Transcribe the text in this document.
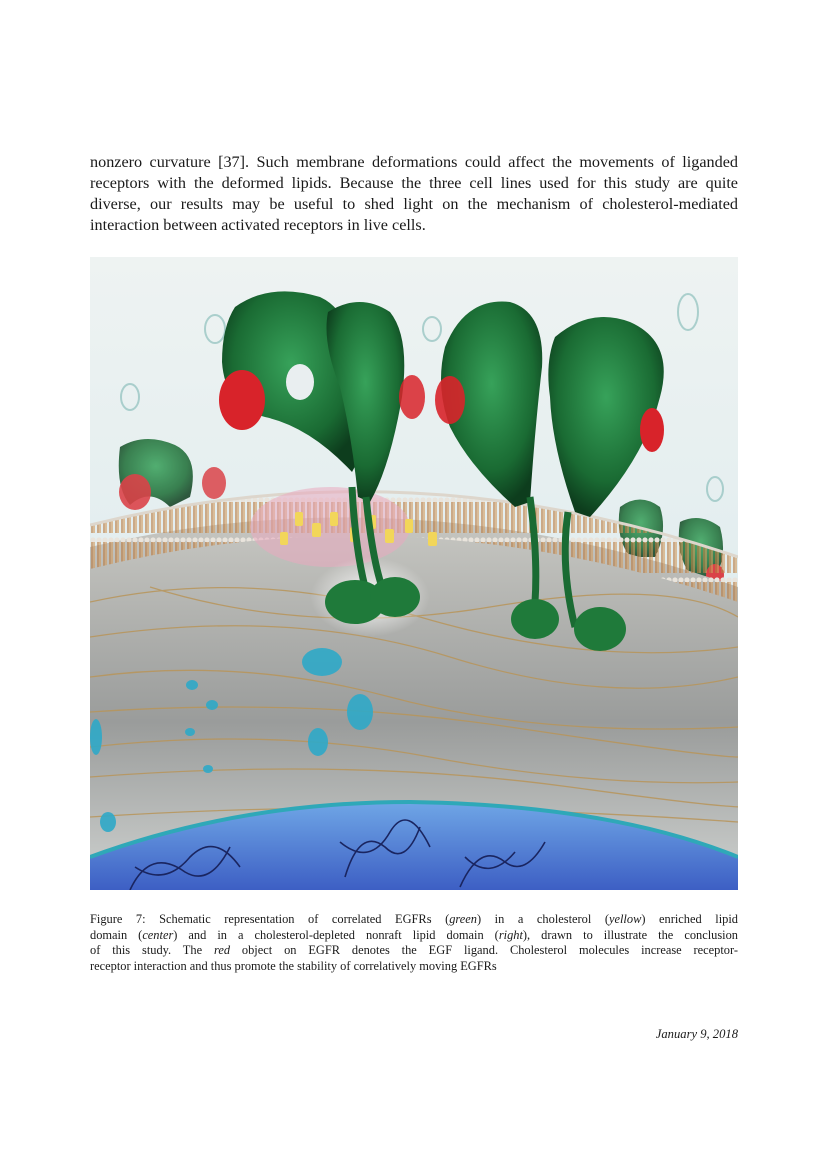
nonzero curvature [37]. Such membrane deformations could affect the movements of liganded
receptors with the deformed lipids. Because the three cell lines used for this study are quite
diverse, our results may be useful to shed light on the mechanism of cholesterol-mediated
interaction between activated receptors in live cells.
Figure 7: Schematic representation of correlated EGFRs (green) in a cholesterol (yellow) enriched lipid
domain (center) and in a cholesterol-depleted nonraft lipid domain (right), drawn to illustrate the conclusion
of this study. The red object on EGFR denotes the EGF ligand. Cholesterol molecules increase receptor-
receptor interaction and thus promote the stability of correlatively moving EGFRs
January 9, 2018
